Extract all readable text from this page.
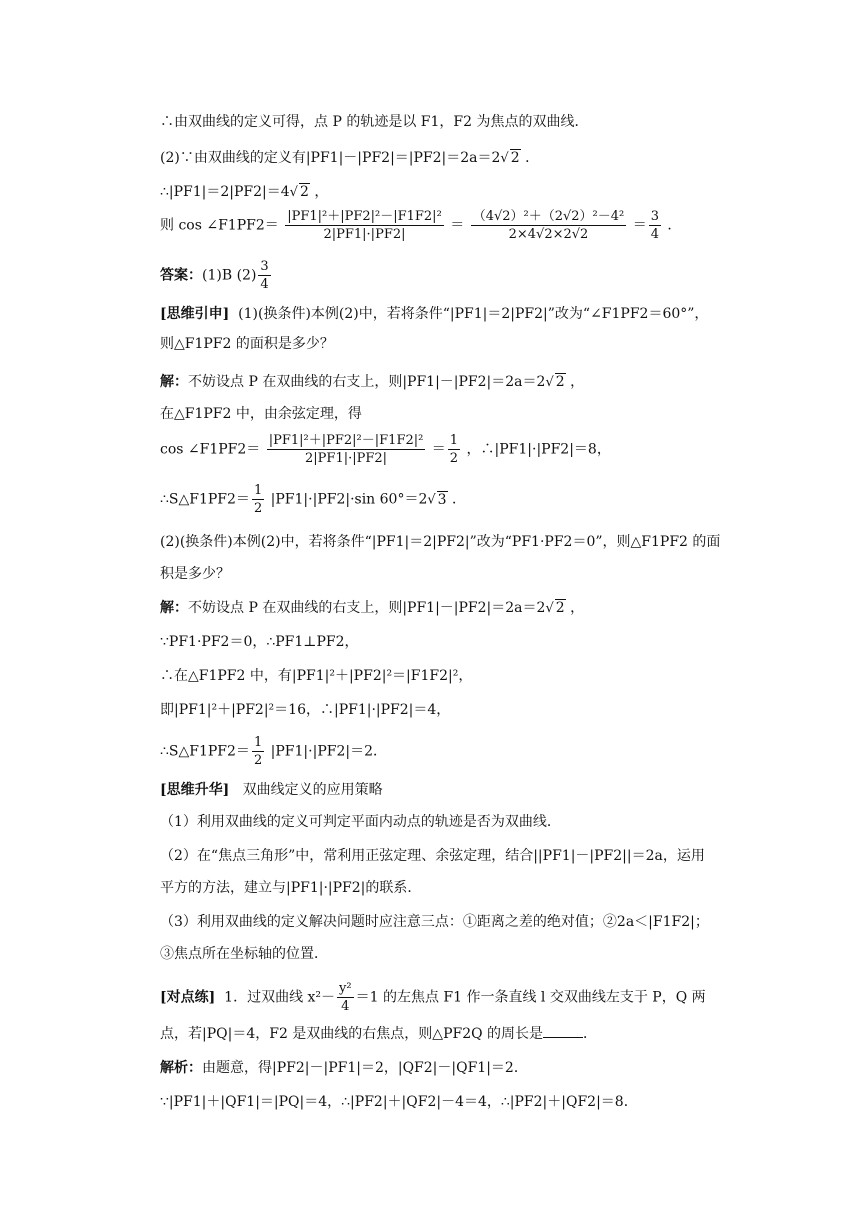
∴由双曲线的定义可得，点 P 的轨迹是以 F1，F2 为焦点的双曲线．
(2)∵由双曲线的定义有|PF1|－|PF2|＝|PF2|＝2a＝2√ 2 ．
∴|PF1|＝2|PF2|＝4√ 2 ，
则 cos ∠F1PF2＝ $\frac{\text{|PF1|²＋|PF2|²－|F1F2|²}}{2|PF1|\cdot|PF2|} = \frac{\text{（4√2）²＋（2√2）²－4²}}{2\times 4√2\times 2√2} = \frac{3}{4}$ ．
答案：(1)B $(2) \frac{3}{4}$
[思维引申] (1)(换条件)本例(2)中，若将条件“|PF1|＝2|PF2|”改为“∠F1PF2＝60°”，
则△F1PF2 的面积是多少？
解：不妨设点 P 在双曲线的右支上，则|PF1|－|PF2|＝2a＝2√ 2 ，
在△F1PF2 中，由余弦定理，得
cos ∠F1PF2＝ $\frac{\text{|PF1|²＋|PF2|²－|F1F2|²}}{2|PF1|\cdot|PF2|} = \frac{1}{2}$ ，∴|PF1|·|PF2|＝8，
∴S△F1PF2＝ $\frac{1}{2} |PF1|\cdot|PF2|\cdot\sin$ 60°＝2√ 3 ．
(2)(换条件)本例(2)中，若将条件“|PF1|＝2|PF2|”改为“PF1·PF2＝0”，则△F1PF2 的面
积是多少？
解：不妨设点 P 在双曲线的右支上，则|PF1|－|PF2|＝2a＝2√ 2 ，
∵PF1·PF2＝0，∴PF1⊥PF2，
∴在△F1PF2 中，有|PF1|²＋|PF2|²＝|F1F2|²，
即|PF1|²＋|PF2|²＝16，∴|PF1|·|PF2|＝4，
∴S△F1PF2＝ $\frac{1}{2} |PF1|\cdot|PF2|=2$．
[思维升华] 双曲线定义的应用策略
（1）利用双曲线的定义可判定平面内动点的轨迹是否为双曲线．
（2）在“焦点三角形”中，常利用正弦定理、余弦定理，结合||PF1|－|PF2||＝2a，运用
平方的方法，建立与|PF1|·|PF2|的联系．
（3）利用双曲线的定义解决问题时应注意三点：①距离之差的绝对值；②2a＜|F1F2|；
③焦点所在坐标轴的位置．
[对点练] 1．过双曲线 $x^2- \frac{\text{y²}}{4} =1$ 的左焦点 F1 作一条直线 l 交双曲线左支于 P，Q 两
点，若|PQ|＝4，F2 是双曲线的右焦点，则△PF2Q 的周长是	．
解析：由题意，得|PF2|－|PF1|＝2，|QF2|－|QF1|＝2．
∵|PF1|＋|QF1|＝|PQ|＝4，∴|PF2|＋|QF2|－4＝4，∴|PF2|＋|QF2|＝8．
